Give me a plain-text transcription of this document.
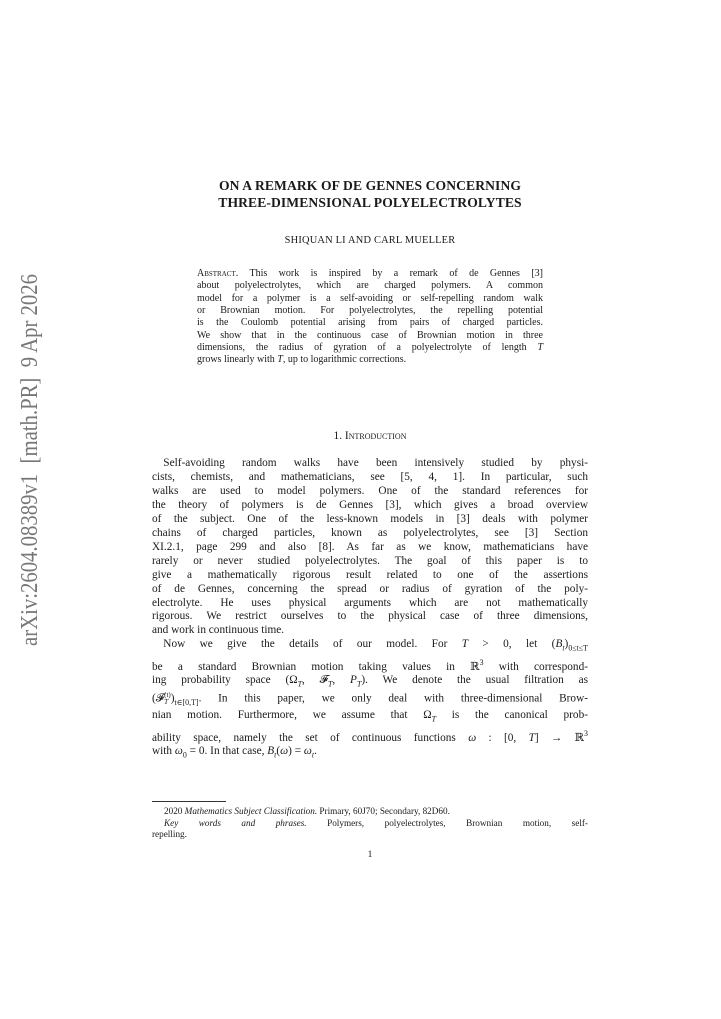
arXiv:2604.08389v1  [math.PR]  9 Apr 2026
ON A REMARK OF DE GENNES CONCERNING
THREE-DIMENSIONAL POLYELECTROLYTES
SHIQUAN LI AND CARL MUELLER
Abstract. This work is inspired by a remark of de Gennes [3]
about polyelectrolytes, which are charged polymers. A common
model for a polymer is a self-avoiding or self-repelling random walk
or Brownian motion. For polyelectrolytes, the repelling potential
is the Coulomb potential arising from pairs of charged particles.
We show that in the continuous case of Brownian motion in three
dimensions, the radius of gyration of a polyelectrolyte of length T
grows linearly with T, up to logarithmic corrections.
1. Introduction
 Self-avoiding random walks have been intensively studied by physi-
cists, chemists, and mathematicians, see [5, 4, 1]. In particular, such
walks are used to model polymers. One of the standard references for
the theory of polymers is de Gennes [3], which gives a broad overview
of the subject. One of the less-known models in [3] deals with polymer
chains of charged particles, known as polyelectrolytes, see [3] Section
XI.2.1, page 299 and also [8]. As far as we know, mathematicians have
rarely or never studied polyelectrolytes. The goal of this paper is to
give a mathematically rigorous result related to one of the assertions
of de Gennes, concerning the spread or radius of gyration of the poly-
electrolyte. He uses physical arguments which are not mathematically
rigorous. We restrict ourselves to the physical case of three dimensions,
and work in continuous time.
 Now we give the details of our model. For T > 0, let $(B_t)_{0\le t\le T}$
be a standard Brownian motion taking values in ℝ$^3$ with correspond-
ing probability space ($\Omega_T$, 𝓕$_T$, $P_T$). We denote the usual filtration as
(𝓕 (t)
T )$_{t\in[0,T]}$. In this paper, we only deal with three-dimensional Brow-
nian motion. Furthermore, we assume that $\Omega_T$ is the canonical prob-
ability space, namely the set of continuous functions ω : [0, T] → ℝ$^3$
with $\omega_0 = 0$. In that case, $B_t(\omega) = \omega_t$.
2020 Mathematics Subject Classification. Primary, 60J70; Secondary, 82D60.
Key words and phrases. Polymers, polyelectrolytes, Brownian motion, self-
repelling.
1
